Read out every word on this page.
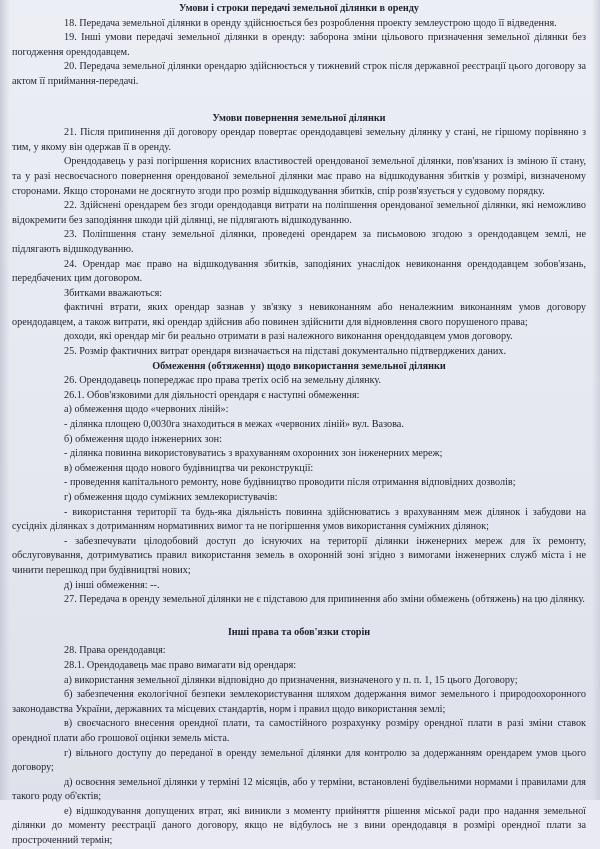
Умови і строки передачі земельної ділянки в оренду

18. Передача земельної ділянки в оренду здійснюється без розроблення проекту землеустрою щодо її відведення.

19. Інші умови передачі земельної ділянки в оренду: заборона зміни цільового призначення земельної ділянки без погодження орендодавцем.

20. Передача земельної ділянки орендарю здійснюється у тижневий строк після державної реєстрації цього договору за актом її приймання-передачі.

Умови повернення земельної ділянки

21. Після припинення дії договору орендар повертає орендодавцеві земельну ділянку у стані, не гіршому порівняно з тим, у якому він одержав її в оренду.

Орендодавець у разі погіршення корисних властивостей орендованої земельної ділянки, пов'язаних із зміною її стану, та у разі несвоєчасного повернення орендованої земельної ділянки має право на відшкодування збитків у розмірі, визначеному сторонами. Якщо сторонами не досягнуто згоди про розмір відшкодування збитків, спір розв'язується у судовому порядку.

22. Здійснені орендарем без згоди орендодавця витрати на поліпшення орендованої земельної ділянки, які неможливо відокремити без заподіяння шкоди цій ділянці, не підлягають відшкодуванню.

23. Поліпшення стану земельної ділянки, проведені орендарем за письмовою згодою з орендодавцем землі, не підлягають відшкодуванню.

24. Орендар має право на відшкодування збитків, заподіяних унаслідок невиконання орендодавцем зобов'язань, передбачених цим договором.

Збитками вважаються:

фактичні втрати, яких орендар зазнав у зв'язку з невиконанням або неналежним виконанням умов договору орендодавцем, а також витрати, які орендар здійснив або повинен здійснити для відновлення свого порушеного права;

доходи, які орендар міг би реально отримати в разі належного виконання орендодавцем умов договору.

25. Розмір фактичних витрат орендаря визначається на підставі документально підтверджених даних.

Обмеження (обтяження) щодо використання земельної ділянки

26. Орендодавець попереджає про права третіх осіб на земельну ділянку.

26.1. Обов'язковими для діяльності орендаря є наступні обмеження:

а) обмеження щодо «червоних ліній»:

- ділянка площею 0,0030га знаходиться в межах «червоних ліній» вул. Вазова.

б) обмеження щодо інженерних зон:

- ділянка повинна використовуватись з врахуванням охоронних зон інженерних мереж;

в) обмеження щодо нового будівництва чи реконструкції:

- проведення капітального ремонту, нове будівництво проводити після отримання відповідних дозволів;

г) обмеження щодо суміжних землекористувачів:

- використання території та будь-яка діяльність повинна здійснюватись з врахуванням меж ділянок і забудови на сусідніх ділянках з дотриманням нормативних вимог та не погіршення умов використання суміжних ділянок;

- забезпечувати цілодобовий доступ до існуючих на території ділянки інженерних мереж для їх ремонту, обслуговування, дотримуватись правил використання земель в охоронній зоні згідно з вимогами інженерних служб міста і не чинити перешкод при будівництві нових;

д) інші обмеження: --.

27. Передача в оренду земельної ділянки не є підставою для припинення або зміни обмежень (обтяжень) на цю ділянку.

Інші права та обов'язки сторін

28. Права орендодавця:

28.1. Орендодавець має право вимагати від орендаря:

а) використання земельної ділянки відповідно до призначення, визначеного у п. п. 1, 15 цього Договору;

б) забезпечення екологічної безпеки землекористування шляхом додержання вимог земельного і природоохоронного законодавства України, державних та місцевих стандартів, норм і правил щодо використання землі;

в) своєчасного внесення орендної плати, та самостійного розрахунку розміру орендної плати в разі зміни ставок орендної плати або грошової оцінки земель міста.

г) вільного доступу до переданої в оренду земельної ділянки для контролю за додержанням орендарем умов цього договору;

д) освоєння земельної ділянки у терміні 12 місяців, або у терміни, встановлені будівельними нормами і правилами для такого роду об'єктів;

е) відшкодування допущених втрат, які виникли з моменту прийняття рішення міської ради про надання земельної ділянки до моменту реєстрації даного договору, якщо не відбулось не з вини орендодавця в розмірі орендної плати за простроченний термін;
